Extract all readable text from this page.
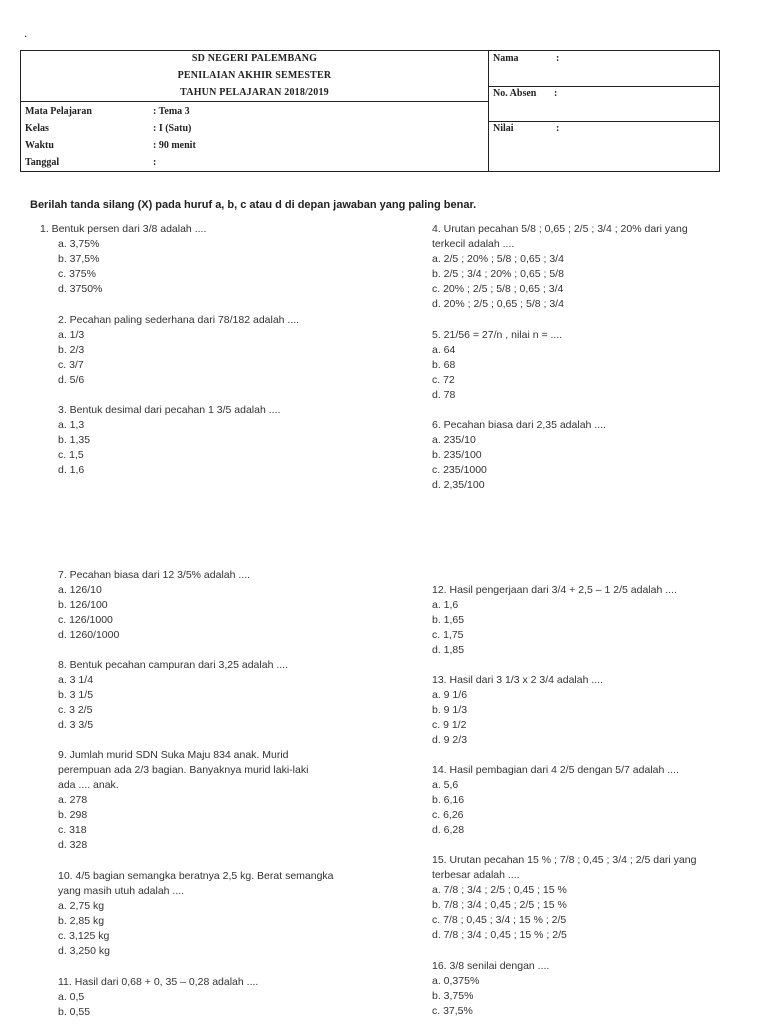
.
SD NEGERI PALEMBANG
PENILAIAN AKHIR SEMESTER
TAHUN PELAJARAN 2018/2019
Mata Pelajaran	: Tema 3
Kelas	: I (Satu)
Waktu	: 90 menit
Tanggal	:
Nama	:
No. Absen :
Nilai	:
Berilah tanda silang (X) pada huruf a, b, c atau d di depan jawaban yang paling benar.
1. Bentuk persen dari 3/8 adalah ....
a. 3,75%
b. 37,5%
c. 375%
d. 3750%
2. Pecahan paling sederhana dari 78/182 adalah ....
a. 1/3
b. 2/3
c. 3/7
d. 5/6
3. Bentuk desimal dari pecahan 1 3/5 adalah ....
a. 1,3
b. 1,35
c. 1,5
d. 1,6
4. Urutan pecahan 5/8 ; 0,65 ; 2/5 ; 3/4 ; 20% dari yang
terkecil adalah ....
a. 2/5 ; 20% ; 5/8 ; 0,65 ; 3/4
b. 2/5 ; 3/4 ; 20% ; 0,65 ; 5/8
c. 20% ; 2/5 ; 5/8 ; 0,65 ; 3/4
d. 20% ; 2/5 ; 0,65 ; 5/8 ; 3/4
5. 21/56 = 27/n , nilai n = ....
a. 64
b. 68
c. 72
d. 78
6. Pecahan biasa dari 2,35 adalah ....
a. 235/10
b. 235/100
c. 235/1000
d. 2,35/100
7. Pecahan biasa dari 12 3/5% adalah ....
a. 126/10
b. 126/100
c. 126/1000
d. 1260/1000
8. Bentuk pecahan campuran dari 3,25 adalah ....
a. 3 1/4
b. 3 1/5
c. 3 2/5
d. 3 3/5
9. Jumlah murid SDN Suka Maju 834 anak. Murid
perempuan ada 2/3 bagian. Banyaknya murid laki-laki
ada .... anak.
a. 278
b. 298
c. 318
d. 328
10. 4/5 bagian semangka beratnya 2,5 kg. Berat semangka
yang masih utuh adalah ....
a. 2,75 kg
b. 2,85 kg
c. 3,125 kg
d. 3,250 kg
11. Hasil dari 0,68 + 0, 35 – 0,28 adalah ....
a. 0,5
b. 0,55
12. Hasil pengerjaan dari 3/4 + 2,5 – 1 2/5 adalah ....
a. 1,6
b. 1,65
c. 1,75
d. 1,85
13. Hasil dari 3 1/3 x 2 3/4 adalah ....
a. 9 1/6
b. 9 1/3
c. 9 1/2
d. 9 2/3
14. Hasil pembagian dari 4 2/5 dengan 5/7 adalah ....
a. 5,6
b. 6,16
c. 6,26
d. 6,28
15. Urutan pecahan 15 % ; 7/8 ; 0,45 ; 3/4 ; 2/5 dari yang
terbesar adalah ....
a. 7/8 ; 3/4 ; 2/5 ; 0,45 ; 15 %
b. 7/8 ; 3/4 ; 0,45 ; 2/5 ; 15 %
c. 7/8 ; 0,45 ; 3/4 ; 15 % ; 2/5
d. 7/8 ; 3/4 ; 0,45 ; 15 % ; 2/5
16. 3/8 senilai dengan ....
a. 0,375%
b. 3,75%
c. 37,5%
